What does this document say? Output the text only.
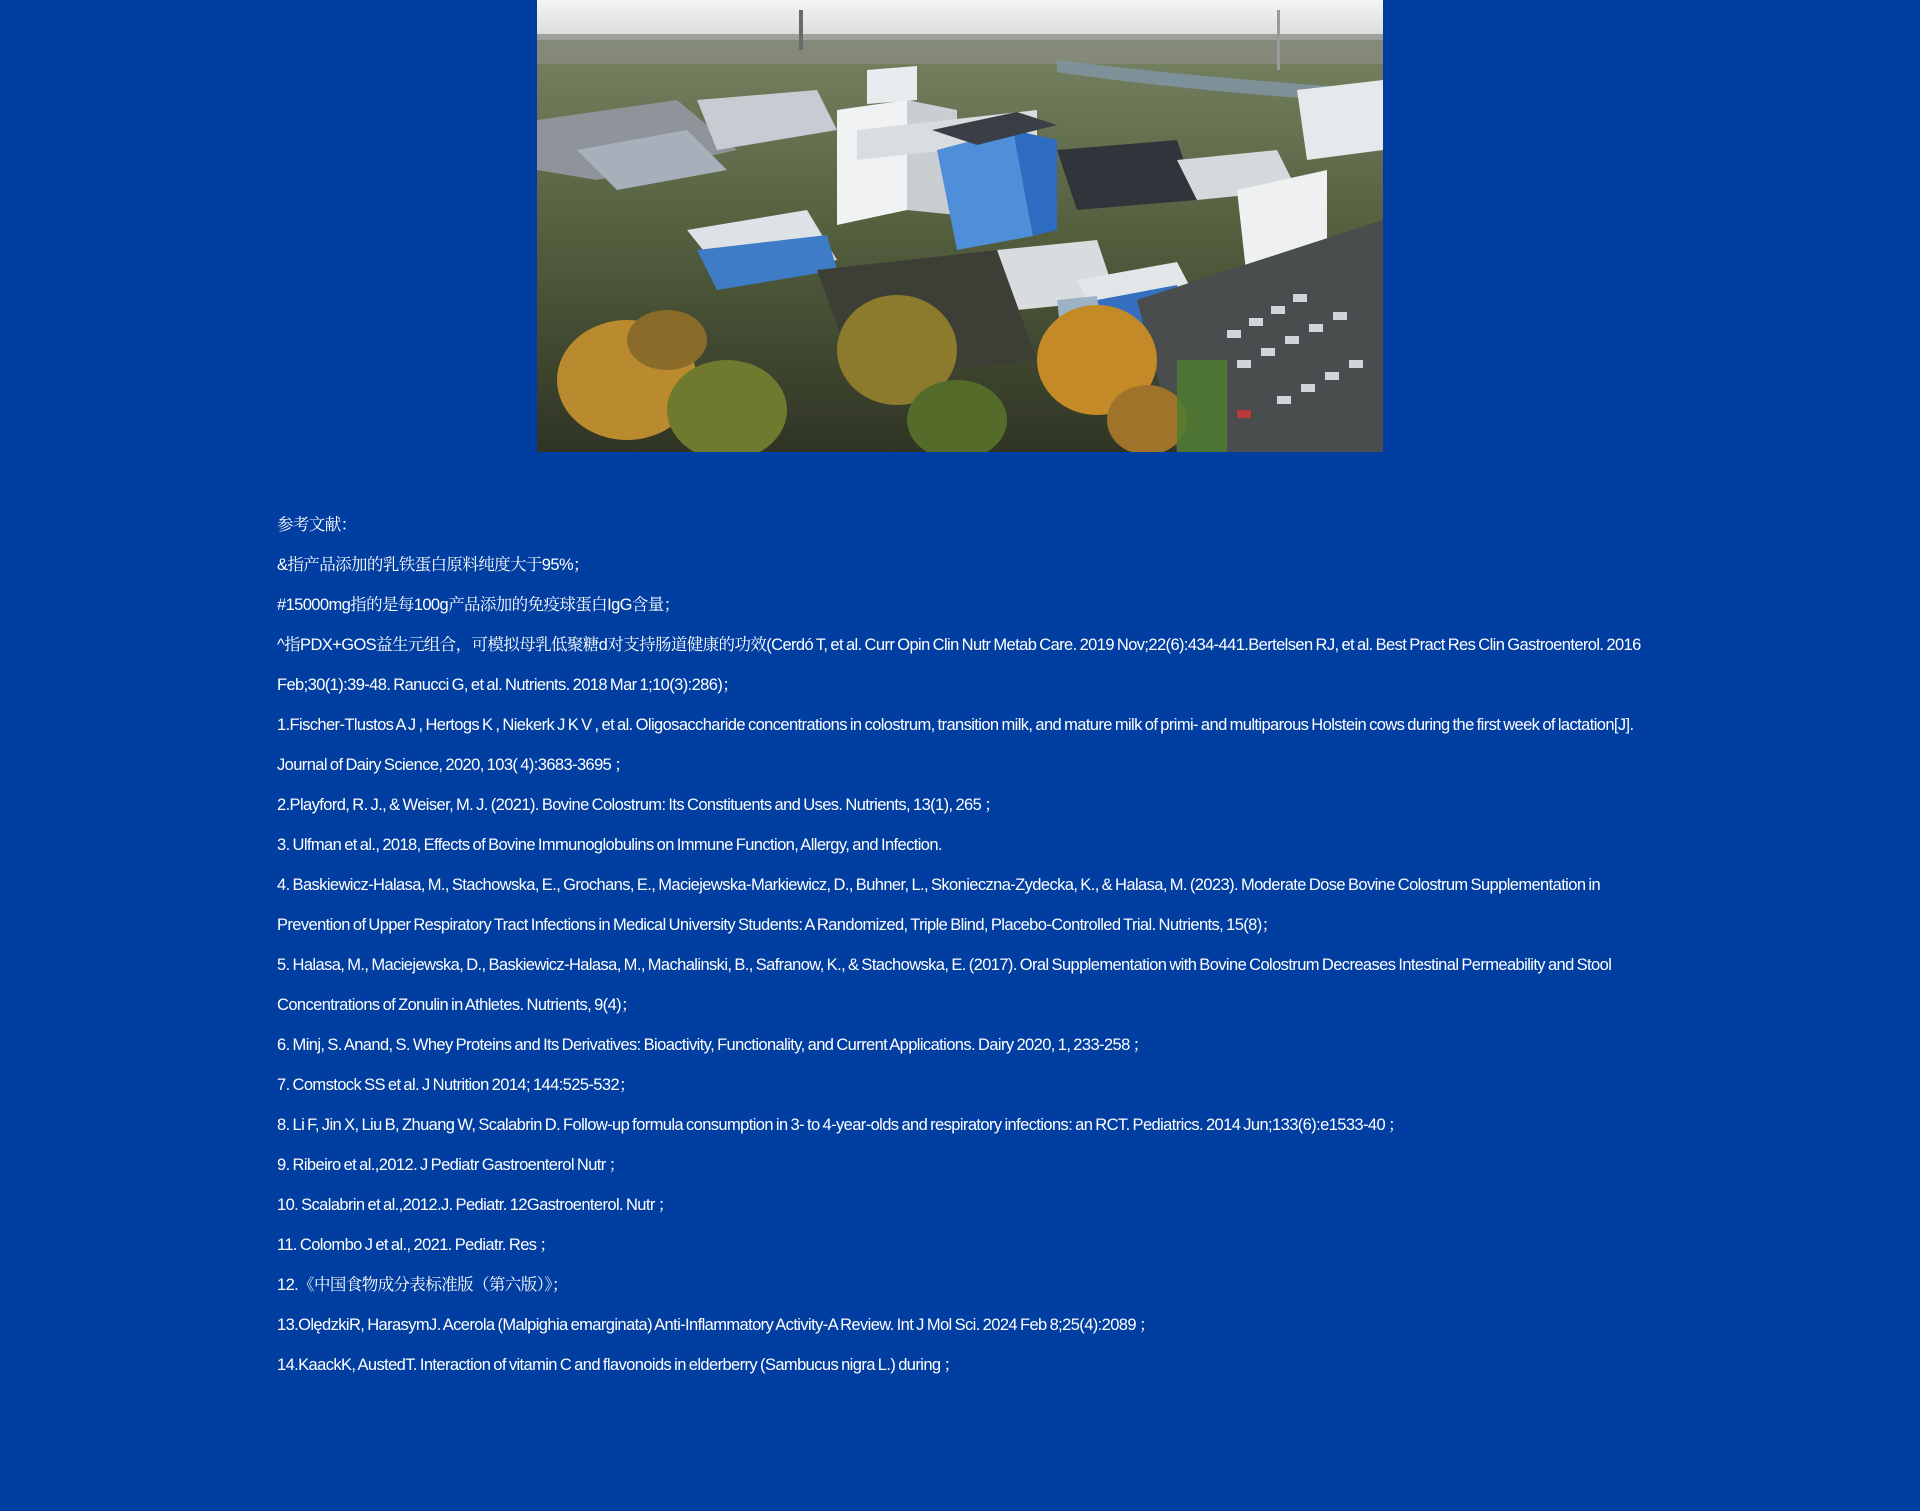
参考文献：

&指产品添加的乳铁蛋白原料纯度大于95%；

#15000mg指的是每100g产品添加的免疫球蛋白IgG含量；

^指PDX+GOS益生元组合，可模拟母乳低聚糖d对支持肠道健康的功效(Cerdó T, et al. Curr Opin Clin Nutr Metab Care. 2019 Nov;22(6):434-441.Bertelsen RJ, et al. Best Pract Res Clin Gastroenterol. 2016 Feb;30(1):39-48. Ranucci G, et al. Nutrients. 2018 Mar 1;10(3):286)；

1.Fischer-Tlustos A J , Hertogs K , Niekerk J K V , et al. Oligosaccharide concentrations in colostrum, transition milk, and mature milk of primi- and multiparous Holstein cows during the first week of lactation[J]. Journal of Dairy Science, 2020, 103( 4):3683-3695 ；

2.Playford, R. J., & Weiser, M. J. (2021). Bovine Colostrum: Its Constituents and Uses. Nutrients, 13(1), 265 ；

3. Ulfman et al., 2018, Effects of Bovine Immunoglobulins on Immune Function, Allergy, and Infection.

4. Baskiewicz-Halasa, M., Stachowska, E., Grochans, E., Maciejewska-Markiewicz, D., Buhner, L., Skonieczna-Zydecka, K., & Halasa, M. (2023). Moderate Dose Bovine Colostrum Supplementation in Prevention of Upper Respiratory Tract Infections in Medical University Students: A Randomized, Triple Blind, Placebo-Controlled Trial. Nutrients, 15(8)；

5. Halasa, M., Maciejewska, D., Baskiewicz-Halasa, M., Machalinski, B., Safranow, K., & Stachowska, E. (2017). Oral Supplementation with Bovine Colostrum Decreases Intestinal Permeability and Stool Concentrations of Zonulin in Athletes. Nutrients, 9(4)；

6. Minj, S. Anand, S. Whey Proteins and Its Derivatives: Bioactivity, Functionality, and Current Applications. Dairy 2020, 1, 233-258 ；

7. Comstock SS et al. J Nutrition 2014; 144:525-532；

8. Li F, Jin X, Liu B, Zhuang W, Scalabrin D. Follow-up formula consumption in 3- to 4-year-olds and respiratory infections: an RCT. Pediatrics. 2014 Jun;133(6):e1533-40 ；

9. Ribeiro et al.,2012. J Pediatr Gastroenterol Nutr ；

10. Scalabrin et al.,2012.J. Pediatr. 12Gastroenterol. Nutr ；

11. Colombo J et al., 2021. Pediatr. Res ；

12.《中国食物成分表标准版（第六版）》；

13.OlędzkiR, HarasymJ. Acerola (Malpighia emarginata) Anti-Inflammatory Activity-A Review. Int J Mol Sci. 2024 Feb 8;25(4):2089 ；

14.KaackK, AustedT. Interaction of vitamin C and flavonoids in elderberry (Sambucus nigra L.) during ；
